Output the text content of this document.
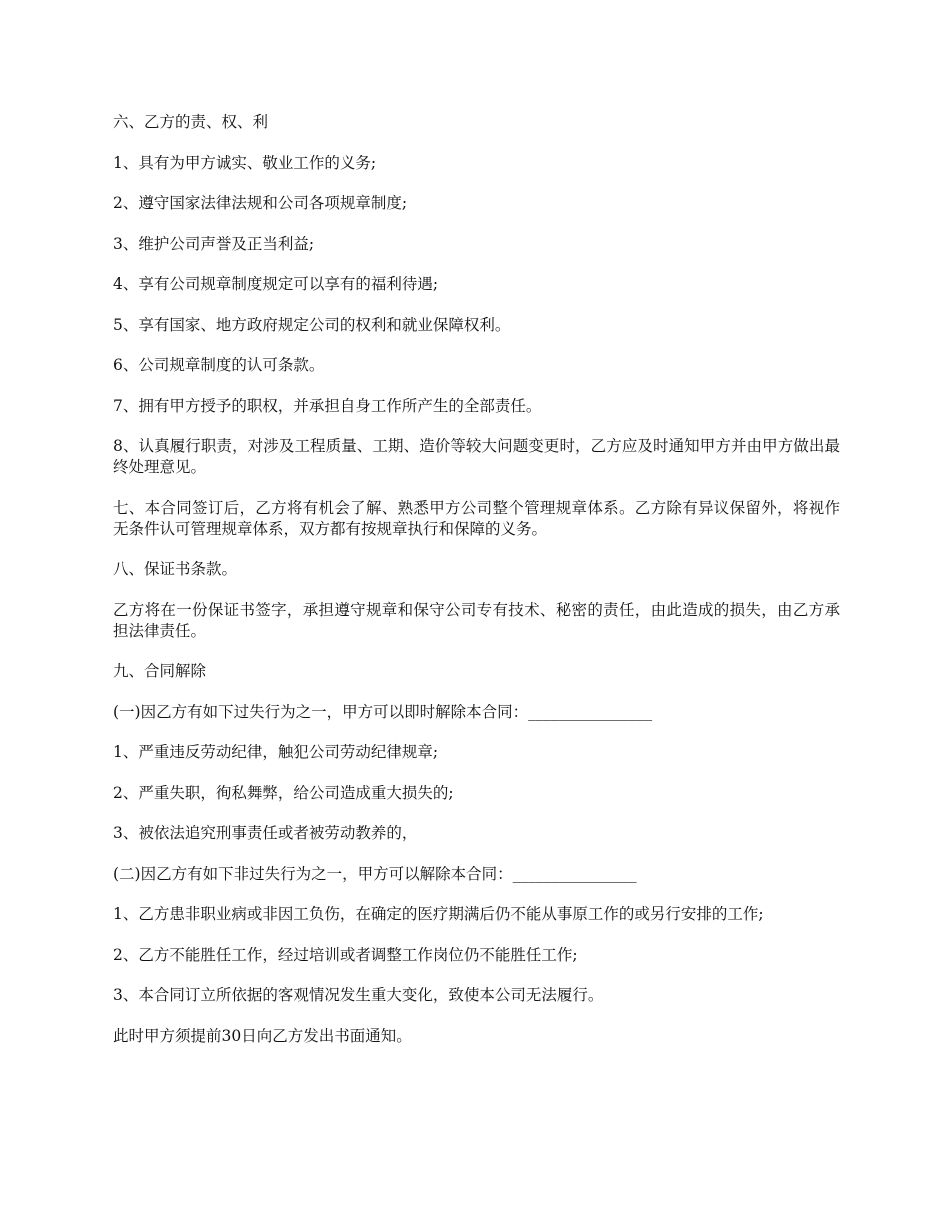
六、乙方的责、权、利

1、具有为甲方诚实、敬业工作的义务;

2、遵守国家法律法规和公司各项规章制度;

3、维护公司声誉及正当利益;

4、享有公司规章制度规定可以享有的福利待遇;

5、享有国家、地方政府规定公司的权利和就业保障权利。

6、公司规章制度的认可条款。

7、拥有甲方授予的职权，并承担自身工作所产生的全部责任。

8、认真履行职责，对涉及工程质量、工期、造价等较大问题变更时，乙方应及时通知甲方并由甲方做出最终处理意见。

七、本合同签订后，乙方将有机会了解、熟悉甲方公司整个管理规章体系。乙方除有异议保留外，将视作无条件认可管理规章体系，双方都有按规章执行和保障的义务。

八、保证书条款。

乙方将在一份保证书签字，承担遵守规章和保守公司专有技术、秘密的责任，由此造成的损失，由乙方承担法律责任。

九、合同解除

(一)因乙方有如下过失行为之一，甲方可以即时解除本合同：________________

1、严重违反劳动纪律，触犯公司劳动纪律规章;

2、严重失职，徇私舞弊，给公司造成重大损失的;

3、被依法追究刑事责任或者被劳动教养的，

(二)因乙方有如下非过失行为之一，甲方可以解除本合同：________________

1、乙方患非职业病或非因工负伤，在确定的医疗期满后仍不能从事原工作的或另行安排的工作;

2、乙方不能胜任工作，经过培训或者调整工作岗位仍不能胜任工作;

3、本合同订立所依据的客观情况发生重大变化，致使本公司无法履行。

此时甲方须提前30日向乙方发出书面通知。
